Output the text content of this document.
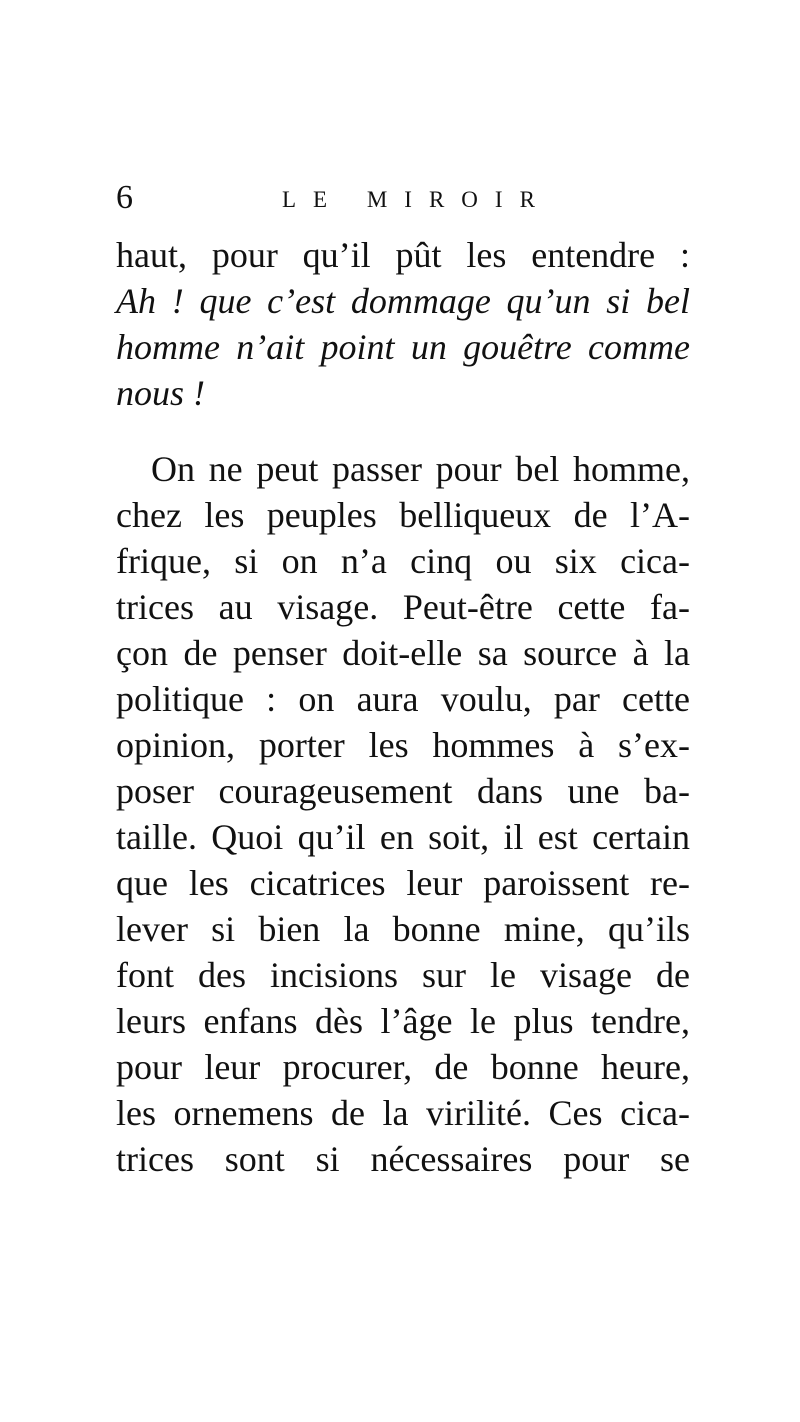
6	LE MIROIR
haut, pour qu’il pût les entendre :
Ah ! que c’est dommage qu’un si bel
homme n’ait point un gouêtre comme
nous !
On ne peut passer pour bel homme,
chez les peuples belliqueux de l’A-
frique, si on n’a cinq ou six cica-
trices au visage. Peut-être cette fa-
çon de penser doit-elle sa source à la
politique : on aura voulu, par cette
opinion, porter les hommes à s’ex-
poser courageusement dans une ba-
taille. Quoi qu’il en soit, il est certain
que les cicatrices leur paroissent re-
lever si bien la bonne mine, qu’ils
font des incisions sur le visage de
leurs enfans dès l’âge le plus tendre,
pour leur procurer, de bonne heure,
les ornemens de la virilité. Ces cica-
trices sont si nécessaires pour se
